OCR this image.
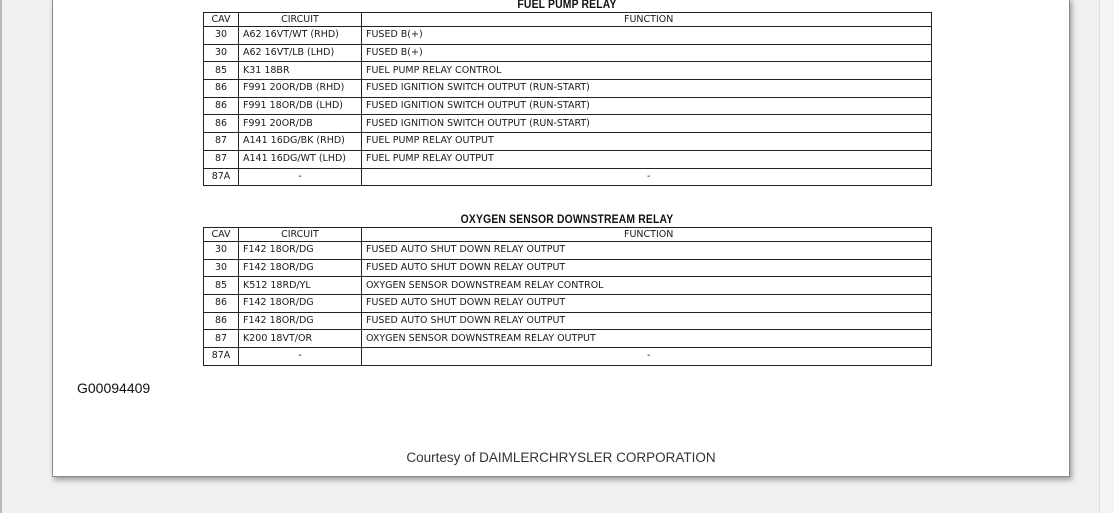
FUEL PUMP RELAY
CAV	CIRCUIT	FUNCTION
30	A62 16VT/WT (RHD)	FUSED B(+)
30	A62 16VT/LB (LHD)	FUSED B(+)
85	K31 18BR	FUEL PUMP RELAY CONTROL
86	F991 20OR/DB (RHD)	FUSED IGNITION SWITCH OUTPUT (RUN-START)
86	F991 18OR/DB (LHD)	FUSED IGNITION SWITCH OUTPUT (RUN-START)
86	F991 20OR/DB	FUSED IGNITION SWITCH OUTPUT (RUN-START)
87	A141 16DG/BK (RHD)	FUEL PUMP RELAY OUTPUT
87	A141 16DG/WT (LHD)	FUEL PUMP RELAY OUTPUT
87A	-	-
OXYGEN SENSOR DOWNSTREAM RELAY
CAV	CIRCUIT	FUNCTION
30	F142 18OR/DG	FUSED AUTO SHUT DOWN RELAY OUTPUT
30	F142 18OR/DG	FUSED AUTO SHUT DOWN RELAY OUTPUT
85	K512 18RD/YL	OXYGEN SENSOR DOWNSTREAM RELAY CONTROL
86	F142 18OR/DG	FUSED AUTO SHUT DOWN RELAY OUTPUT
86	F142 18OR/DG	FUSED AUTO SHUT DOWN RELAY OUTPUT
87	K200 18VT/OR	OXYGEN SENSOR DOWNSTREAM RELAY OUTPUT
87A	-	-
G00094409
Courtesy of DAIMLERCHRYSLER CORPORATION
